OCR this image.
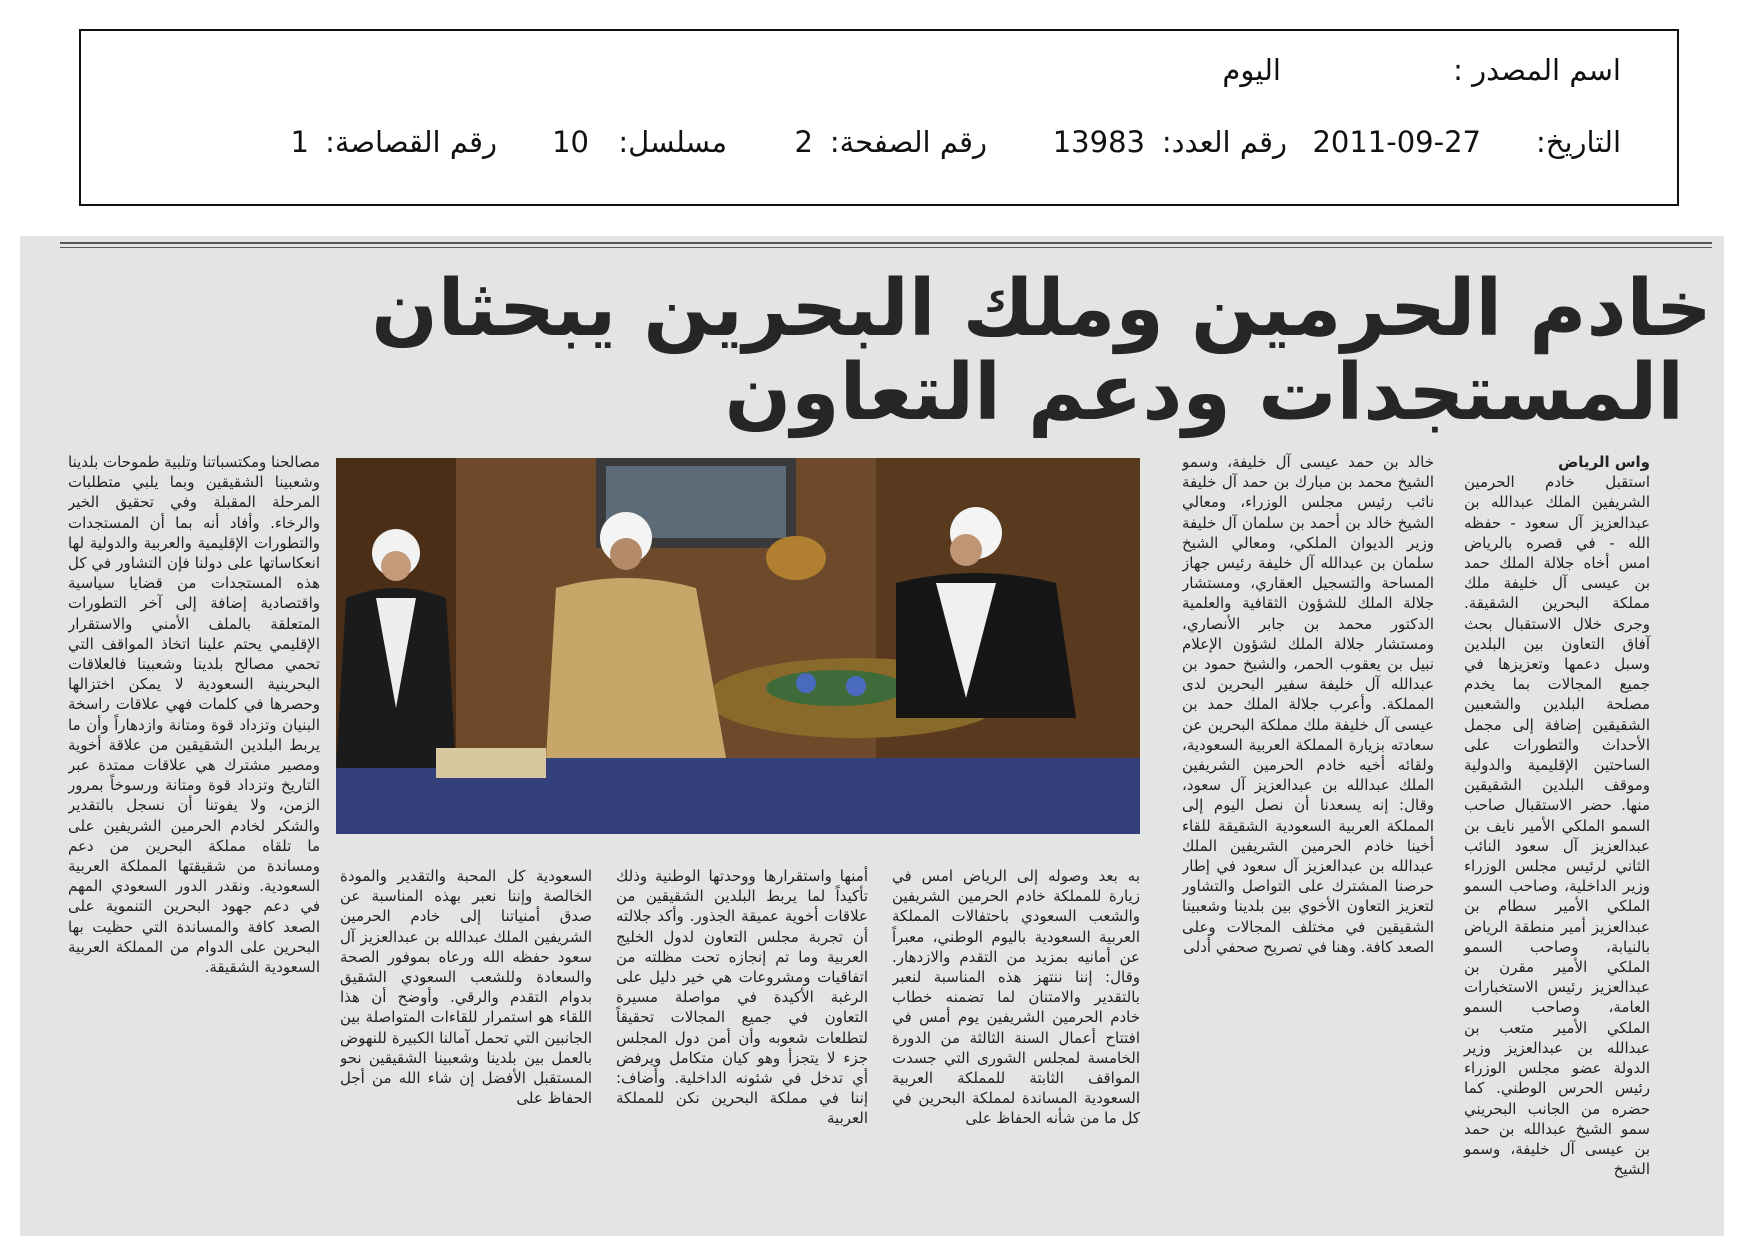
اسم المصدر :
اليوم
التاريخ:
2011-09-27
رقم العدد:
13983
رقم الصفحة:
2
مسلسل:
10
رقم القصاصة:
1
خادم الحرمين وملك البحرين يبحثان
المستجدات ودعم التعاون

واس الرياض

استقبل خادم الحرمين الشريفين الملك عبدالله بن عبدالعزيز آل سعود - حفظه الله - في قصره بالرياض امس أخاه جلالة الملك حمد بن عيسى آل خليفة ملك مملكة البحرين الشقيقة. وجرى خلال الاستقبال بحث آفاق التعاون بين البلدين وسبل دعمها وتعزيزها في جميع المجالات بما يخدم مصلحة البلدين والشعبين الشقيقين إضافة إلى مجمل الأحداث والتطورات على الساحتين الإقليمية والدولية وموقف البلدين الشقيقين منها. حضر الاستقبال صاحب السمو الملكي الأمير نايف بن عبدالعزيز آل سعود النائب الثاني لرئيس مجلس الوزراء وزير الداخلية، وصاحب السمو الملكي الأمير سطام بن عبدالعزيز أمير منطقة الرياض بالنيابة، وصاحب السمو الملكي الأمير مقرن بن عبدالعزيز رئيس الاستخبارات العامة، وصاحب السمو الملكي الأمير متعب بن عبدالله بن عبدالعزيز وزير الدولة عضو مجلس الوزراء رئيس الحرس الوطني. كما حضره من الجانب البحريني سمو الشيخ عبدالله بن حمد بن عيسى آل خليفة، وسمو الشيخ

خالد بن حمد عيسى آل خليفة، وسمو الشيخ محمد بن مبارك بن حمد آل خليفة نائب رئيس مجلس الوزراء، ومعالي الشيخ خالد بن أحمد بن سلمان آل خليفة وزير الديوان الملكي، ومعالي الشيخ سلمان بن عبدالله آل خليفة رئيس جهاز المساحة والتسجيل العقاري، ومستشار جلالة الملك للشؤون الثقافية والعلمية الدكتور محمد بن جابر الأنصاري، ومستشار جلالة الملك لشؤون الإعلام نبيل بن يعقوب الحمر، والشيخ حمود بن عبدالله آل خليفة سفير البحرين لدى المملكة. وأعرب جلالة الملك حمد بن عيسى آل خليفة ملك مملكة البحرين عن سعادته بزيارة المملكة العربية السعودية، ولقائه أخيه خادم الحرمين الشريفين الملك عبدالله بن عبدالعزيز آل سعود، وقال: إنه يسعدنا أن نصل اليوم إلى المملكة العربية السعودية الشقيقة للقاء أخينا خادم الحرمين الشريفين الملك عبدالله بن عبدالعزيز آل سعود في إطار حرصنا المشترك على التواصل والتشاور لتعزيز التعاون الأخوي بين بلدينا وشعبينا الشقيقين في مختلف المجالات وعلى الصعد كافة. وهنا في تصريح صحفي أدلى

به بعد وصوله إلى الرياض امس في زيارة للمملكة خادم الحرمين الشريفين والشعب السعودي باحتفالات المملكة العربية السعودية باليوم الوطني، معبراً عن أمانيه بمزيد من التقدم والازدهار. وقال: إننا ننتهز هذه المناسبة لنعبر بالتقدير والامتنان لما تضمنه خطاب خادم الحرمين الشريفين يوم أمس في افتتاح أعمال السنة الثالثة من الدورة الخامسة لمجلس الشورى التي جسدت المواقف الثابتة للمملكة العربية السعودية المساندة لمملكة البحرين في كل ما من شأنه الحفاظ على

أمنها واستقرارها ووحدتها الوطنية وذلك تأكيداً لما يربط البلدين الشقيقين من علاقات أخوية عميقة الجذور. وأكد جلالته أن تجربة مجلس التعاون لدول الخليج العربية وما تم إنجازه تحت مظلته من اتفاقيات ومشروعات هي خير دليل على الرغبة الأكيدة في مواصلة مسيرة التعاون في جميع المجالات تحقيقاً لتطلعات شعوبه وأن أمن دول المجلس جزء لا يتجزأ وهو كيان متكامل ويرفض أي تدخل في شئونه الداخلية. وأضاف: إننا في مملكة البحرين نكن للمملكة العربية

السعودية كل المحبة والتقدير والمودة الخالصة وإننا نعبر بهذه المناسبة عن صدق أمنياتنا إلى خادم الحرمين الشريفين الملك عبدالله بن عبدالعزيز آل سعود حفظه الله ورعاه بموفور الصحة والسعادة وللشعب السعودي الشقيق بدوام التقدم والرقي. وأوضح أن هذا اللقاء هو استمرار للقاءات المتواصلة بين الجانبين التي تحمل آمالنا الكبيرة للنهوض بالعمل بين بلدينا وشعبينا الشقيقين نحو المستقبل الأفضل إن شاء الله من أجل الحفاظ على

مصالحنا ومكتسباتنا وتلبية طموحات بلدينا وشعبينا الشقيقين وبما يلبي متطلبات المرحلة المقبلة وفي تحقيق الخير والرخاء. وأفاد أنه بما أن المستجدات والتطورات الإقليمية والعربية والدولية لها انعكاساتها على دولنا فإن التشاور في كل هذه المستجدات من قضايا سياسية واقتصادية إضافة إلى آخر التطورات المتعلقة بالملف الأمني والاستقرار الإقليمي يحتم علينا اتخاذ المواقف التي تحمي مصالح بلدينا وشعبينا فالعلاقات البحرينية السعودية لا يمكن اختزالها وحصرها في كلمات فهي علاقات راسخة البنيان وتزداد قوة ومتانة وازدهاراً وأن ما يربط البلدين الشقيقين من علاقة أخوية ومصير مشترك هي علاقات ممتدة عبر التاريخ وتزداد قوة ومتانة ورسوخاً بمرور الزمن، ولا يفوتنا أن نسجل بالتقدير والشكر لخادم الحرمين الشريفين على ما تلقاه مملكة البحرين من دعم ومساندة من شقيقتها المملكة العربية السعودية. ونقدر الدور السعودي المهم في دعم جهود البحرين التنموية على الصعد كافة والمساندة التي حظيت بها البحرين على الدوام من المملكة العربية السعودية الشقيقة.
